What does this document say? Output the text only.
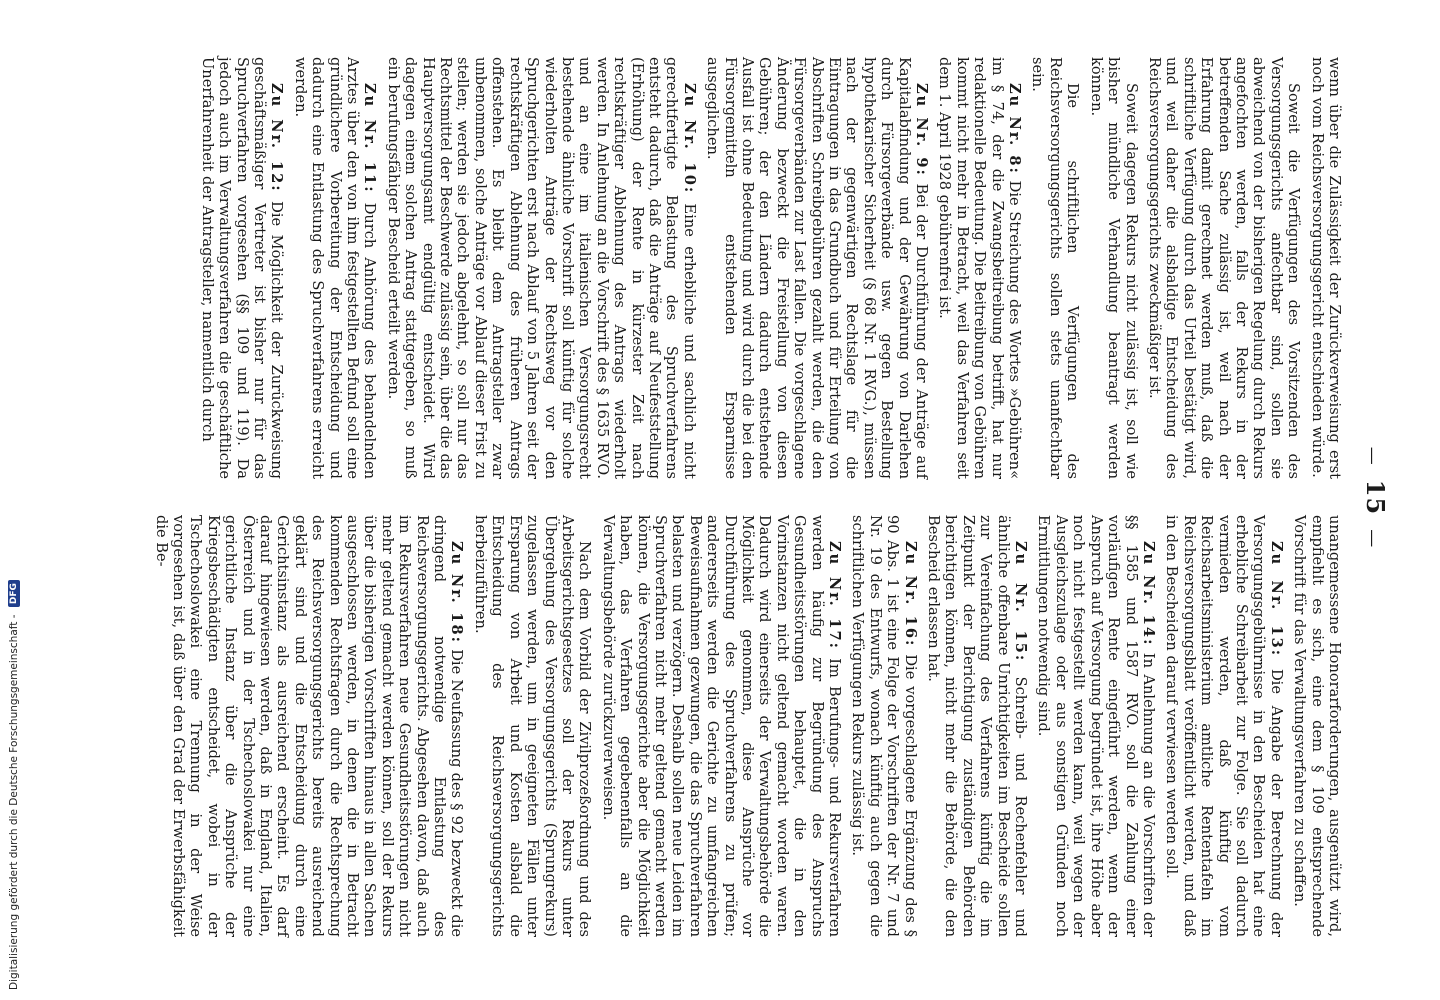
Digitalisierung gefördert durch die Deutsche Forschungsgemeinschaft - DFG
— 15 —

wenn über die Zulässigkeit der Zurückverweisung erst noch vom Reichsversorgungsgericht entschieden würde.

Soweit die Verfügungen des Vorsitzenden des Versorgungsgerichts anfechtbar sind, sollen sie abweichend von der bisherigen Regelung durch Rekurs angefochten werden, falls der Rekurs in der betreffenden Sache zulässig ist, weil nach der Erfahrung damit gerechnet werden muß, daß die schriftliche Verfügung durch das Urteil bestätigt wird, und weil daher die alsbaldige Entscheidung des Reichsversorgungsgerichts zweckmäßiger ist.

Soweit dagegen Rekurs nicht zulässig ist, soll wie bisher mündliche Verhandlung beantragt werden können.

Die schriftlichen Verfügungen des Reichsversorgungsgerichts sollen stets unanfechtbar sein.

Zu Nr. 8: Die Streichung des Wortes »Gebühren« im § 74, der die Zwangsbeitreibung betrifft, hat nur redaktionelle Bedeutung. Die Beitreibung von Gebühren kommt nicht mehr in Betracht, weil das Verfahren seit dem 1. April 1928 gebührenfrei ist.

Zu Nr. 9: Bei der Durchführung der Anträge auf Kapitalabfindung und der Gewährung von Darlehen durch Fürsorgeverbände usw. gegen Bestellung hypothekarischer Sicherheit (§ 68 Nr. 1 RVG.), müssen nach der gegenwärtigen Rechtslage für die Eintragungen in das Grundbuch und für Erteilung von Abschriften Schreibgebühren gezahlt werden, die den Fürsorgeverbänden zur Last fallen. Die vorgeschlagene Änderung bezweckt die Freistellung von diesen Gebühren; der den Ländern dadurch entstehende Ausfall ist ohne Bedeutung und wird durch die bei den Fürsorgemitteln entstehenden Ersparnisse ausgeglichen.

Zu Nr. 10: Eine erhebliche und sachlich nicht gerechtfertigte Belastung des Spruchverfahrens entsteht dadurch, daß die Anträge auf Neufeststellung (Erhöhung) der Rente in kürzester Zeit nach rechtskräftiger Ablehnung des Antrags wiederholt werden. In Anlehnung an die Vorschrift des § 1635 RVO. und an eine im italienischen Versorgungsrecht bestehende ähnliche Vorschrift soll künftig für solche wiederholten Anträge der Rechtsweg vor den Spruchgerichten erst nach Ablauf von 5 Jahren seit der rechtskräftigen Ablehnung des früheren Antrags offenstehen. Es bleibt dem Antragsteller zwar unbenommen, solche Anträge vor Ablauf dieser Frist zu stellen; werden sie jedoch abgelehnt, so soll nur das Rechtsmittel der Beschwerde zulässig sein, über die das Hauptversorgungsamt endgültig entscheidet. Wird dagegen einem solchen Antrag stattgegeben, so muß ein berufungsfähiger Bescheid erteilt werden.

Zu Nr. 11: Durch Anhörung des behandelnden Arztes über den von ihm festgestellten Befund soll eine gründlichere Vorbereitung der Entscheidung und dadurch eine Entlastung des Spruchverfahrens erreicht werden.

Zu Nr. 12: Die Möglichkeit der Zurückweisung geschäftsmäßiger Vertreter ist bisher nur für das Spruchverfahren vorgesehen (§§ 109 und 119). Da jedoch auch im Verwaltungsverfahren die geschäftliche Unerfahrenheit der Antragsteller, namentlich durch

unangemessene Honorarforderungen, ausgenützt wird, empfiehlt es sich, eine dem § 109 entsprechende Vorschrift für das Verwaltungsverfahren zu schaffen.

Zu Nr. 13: Die Angabe der Berechnung der Versorgungsgebührnisse in den Bescheiden hat eine erhebliche Schreibarbeit zur Folge. Sie soll dadurch vermieden werden, daß künftig vom Reichsarbeitsministerium amtliche Rententafeln im Reichsversorgungsblatt veröffentlicht werden, und daß in den Bescheiden darauf verwiesen werden soll.

Zu Nr. 14: In Anlehnung an die Vorschriften der §§ 1585 und 1587 RVO. soll die Zahlung einer vorläufigen Rente eingeführt werden, wenn der Anspruch auf Versorgung begründet ist, ihre Höhe aber noch nicht festgestellt werden kann, weil wegen der Ausgleichszulage oder aus sonstigen Gründen noch Ermittlungen notwendig sind.

Zu Nr. 15: Schreib- und Rechenfehler und ähnliche offenbare Unrichtigkeiten im Bescheide sollen zur Vereinfachung des Verfahrens künftig die im Zeitpunkt der Berichtigung zuständigen Behörden berichtigen können, nicht mehr die Behörde, die den Bescheid erlassen hat.

Zu Nr. 16: Die vorgeschlagene Ergänzung des § 90 Abs. 1 ist eine Folge der Vorschriften der Nr. 7 und Nr. 19 des Entwurfs, wonach künftig auch gegen die schriftlichen Verfügungen Rekurs zulässig ist.

Zu Nr. 17: Im Berufungs- und Rekursverfahren werden häufig zur Begründung des Anspruchs Gesundheitsstörungen behauptet, die in den Vorinstanzen nicht geltend gemacht worden waren. Dadurch wird einerseits der Verwaltungsbehörde die Möglichkeit genommen, diese Ansprüche vor Durchführung des Spruchverfahrens zu prüfen; andererseits werden die Gerichte zu umfangreichen Beweisaufnahmen gezwungen, die das Spruchverfahren belasten und verzögern. Deshalb sollen neue Leiden im Spruchverfahren nicht mehr geltend gemacht werden können, die Versorgungsgerichte aber die Möglichkeit haben, das Verfahren gegebenenfalls an die Verwaltungsbehörde zurückzuverweisen.

Nach dem Vorbild der Zivilprozeßordnung und des Arbeitsgerichtsgesetzes soll der Rekurs unter Übergehung des Versorgungsgerichts (Sprungrekurs) zugelassen werden, um in geeigneten Fällen unter Ersparung von Arbeit und Kosten alsbald die Entscheidung des Reichsversorgungsgerichts herbeizuführen.

Zu Nr. 18: Die Neufassung des § 92 bezweckt die dringend notwendige Entlastung des Reichsversorgungsgerichts. Abgesehen davon, daß auch im Rekursverfahren neue Gesundheitsstörungen nicht mehr geltend gemacht werden können, soll der Rekurs über die bisherigen Vorschriften hinaus in allen Sachen ausgeschlossen werden, in denen die in Betracht kommenden Rechtsfragen durch die Rechtsprechung des Reichsversorgungsgerichts bereits ausreichend geklärt sind und die Entscheidung durch eine Gerichtsinstanz als ausreichend erscheint. Es darf darauf hingewiesen werden, daß in England, Italien, Österreich und in der Tschechoslowakei nur eine gerichtliche Instanz über die Ansprüche der Kriegsbeschädigten entscheidet, wobei in der Tschechoslowakei eine Trennung in der Weise vorgesehen ist, daß über den Grad der Erwerbsfähigkeit die Be-
